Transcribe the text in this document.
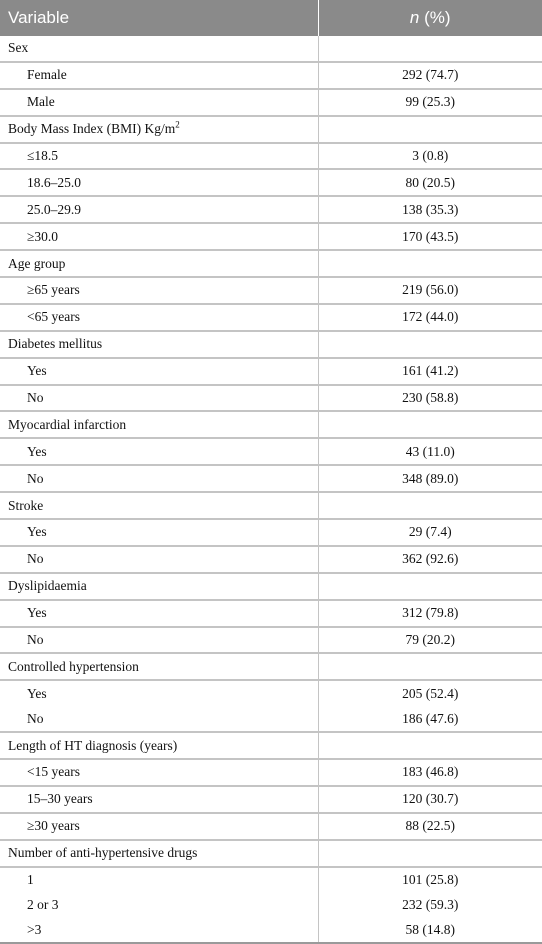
Variable	n (%)
Sex	
Female	292 (74.7)
Male	99 (25.3)
Body Mass Index (BMI) $Kg/m^2$	
≤18.5	3 (0.8)
18.6–25.0	80 (20.5)
25.0–29.9	138 (35.3)
≥30.0	170 (43.5)
Age group	
≥65 years	219 (56.0)
<65 years	172 (44.0)
Diabetes mellitus	
Yes	161 (41.2)
No	230 (58.8)
Myocardial infarction	
Yes	43 (11.0)
No	348 (89.0)
Stroke	
Yes	29 (7.4)
No	362 (92.6)
Dyslipidaemia	
Yes	312 (79.8)
No	79 (20.2)
Controlled hypertension	
Yes	205 (52.4)
No	186 (47.6)
Length of HT diagnosis (years)	
<15 years	183 (46.8)
15–30 years	120 (30.7)
≥30 years	88 (22.5)
Number of anti-hypertensive drugs	
1	101 (25.8)
2 or 3	232 (59.3)
>3	58 (14.8)
